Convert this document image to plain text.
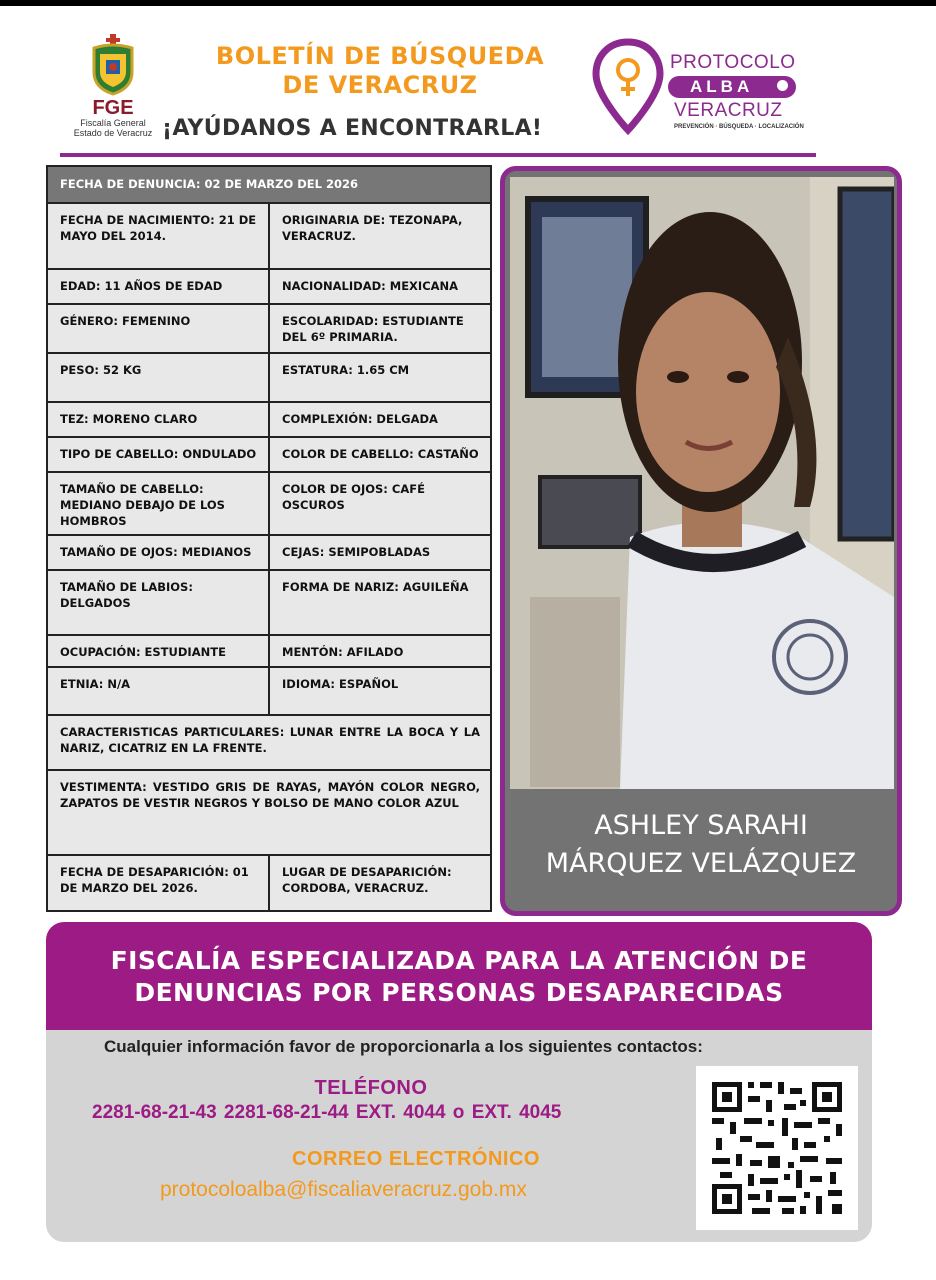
FGE
Fiscalía General
Estado de Veracruz
BOLETÍN DE BÚSQUEDA
DE VERACRUZ
¡AYÚDANOS A ENCONTRARLA!
PROTOCOLO
ALBA
VERACRUZ
PREVENCIÓN · BÚSQUEDA · LOCALIZACIÓN
FECHA DE DENUNCIA: 02 DE MARZO DEL 2026	
FECHA DE NACIMIENTO: 21 DE MAYO DEL 2014.	ORIGINARIA DE: TEZONAPA, VERACRUZ.
EDAD: 11 AÑOS DE EDAD	NACIONALIDAD: MEXICANA
GÉNERO: FEMENINO	ESCOLARIDAD: ESTUDIANTE DEL 6º PRIMARIA.
PESO: 52 KG	ESTATURA: 1.65 CM
TEZ: MORENO CLARO	COMPLEXIÓN: DELGADA
TIPO DE CABELLO: ONDULADO	COLOR DE CABELLO: CASTAÑO
TAMAÑO DE CABELLO: MEDIANO DEBAJO DE LOS HOMBROS	COLOR DE OJOS: CAFÉ OSCUROS
TAMAÑO DE OJOS: MEDIANOS	CEJAS: SEMIPOBLADAS
TAMAÑO DE LABIOS: DELGADOS	FORMA DE NARIZ: AGUILEÑA
OCUPACIÓN: ESTUDIANTE	MENTÓN: AFILADO
ETNIA: N/A	IDIOMA: ESPAÑOL
CARACTERISTICAS PARTICULARES: LUNAR ENTRE LA BOCA Y LA NARIZ, CICATRIZ EN LA FRENTE.	
VESTIMENTA: VESTIDO GRIS DE RAYAS, MAYÓN COLOR NEGRO, ZAPATOS DE VESTIR NEGROS Y BOLSO DE MANO COLOR AZUL	
FECHA DE DESAPARICIÓN: 01 DE MARZO DEL 2026.	LUGAR DE DESAPARICIÓN: CORDOBA, VERACRUZ.
ASHLEY SARAHI
MÁRQUEZ VELÁZQUEZ
FISCALÍA ESPECIALIZADA PARA LA ATENCIÓN DE
DENUNCIAS POR PERSONAS DESAPARECIDAS
Cualquier información favor de proporcionarla a los siguientes contactos:
TELÉFONO
2281-68-21-43 2281-68-21-44 EXT. 4044 o EXT. 4045
CORREO ELECTRÓNICO
protocoloalba@fiscaliaveracruz.gob.mx
